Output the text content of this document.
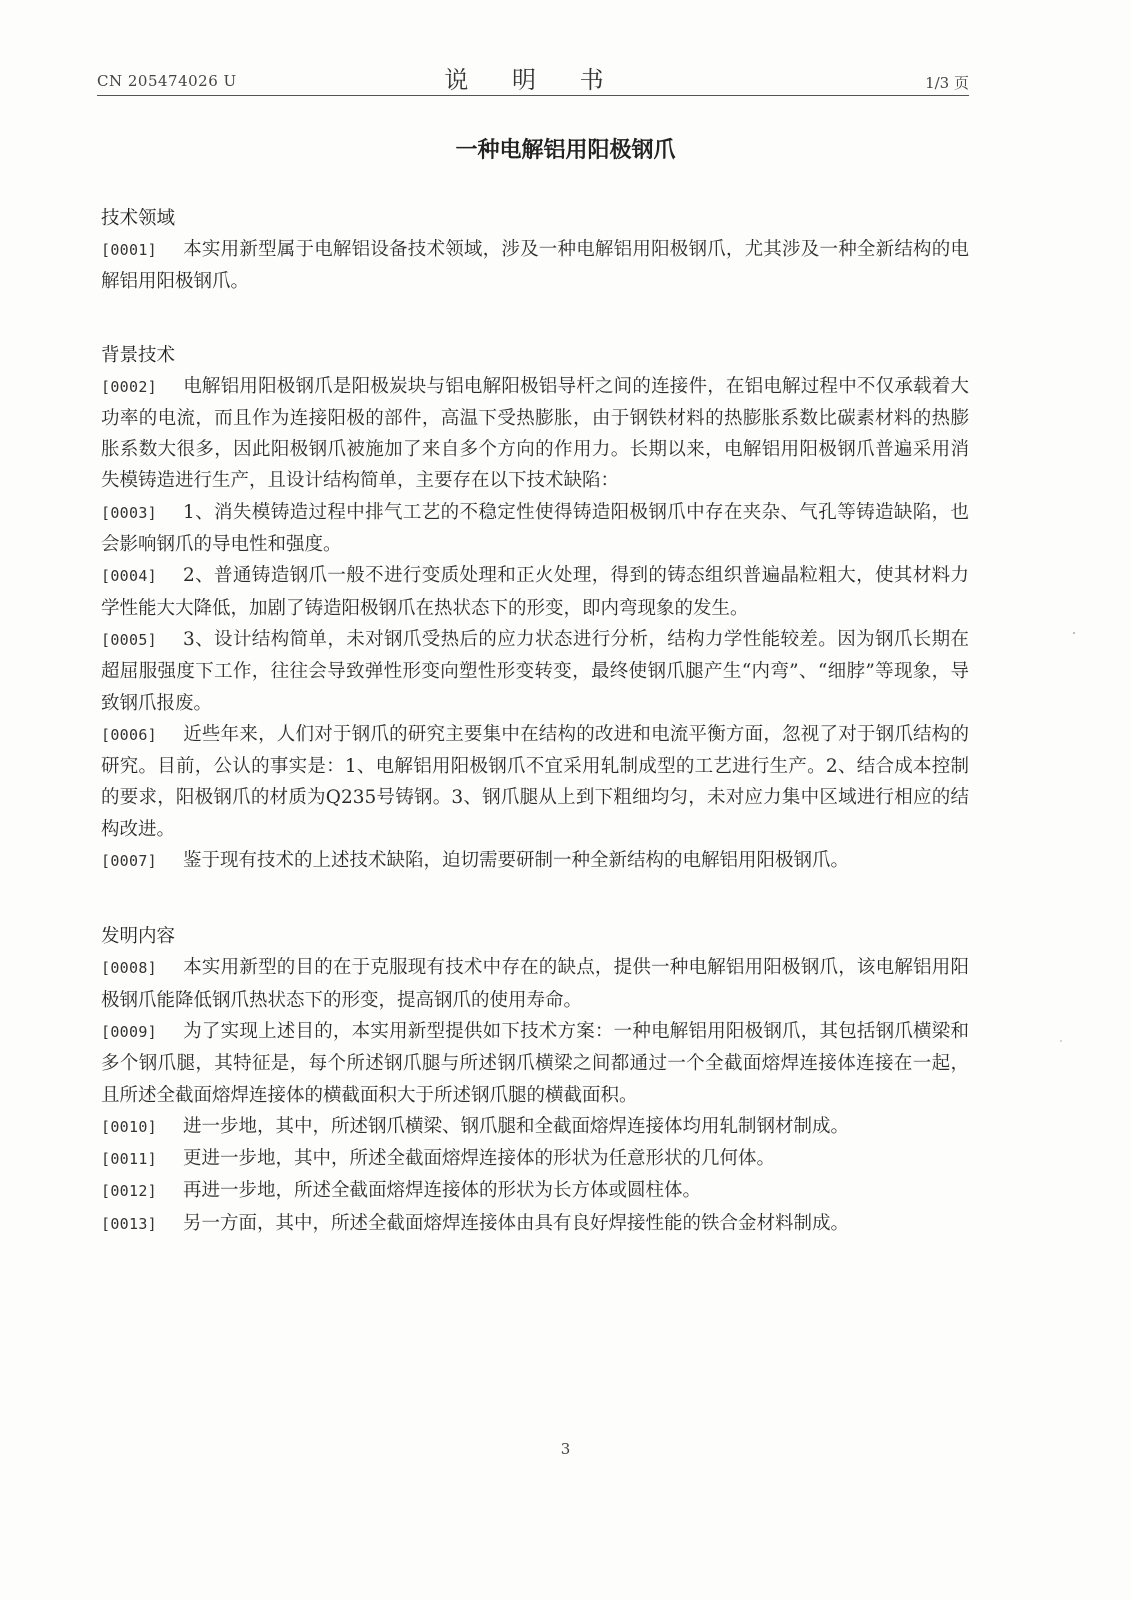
CN 205474026 U	说 明 书	1/3 页
一种电解铝用阳极钢爪
技术领域

[0001] 本实用新型属于电解铝设备技术领域，涉及一种电解铝用阳极钢爪，尤其涉及一种全新结构的电解铝用阳极钢爪。

背景技术

[0002] 电解铝用阳极钢爪是阳极炭块与铝电解阳极铝导杆之间的连接件，在铝电解过程中不仅承载着大功率的电流，而且作为连接阳极的部件，高温下受热膨胀，由于钢铁材料的热膨胀系数比碳素材料的热膨胀系数大很多，因此阳极钢爪被施加了来自多个方向的作用力。长期以来，电解铝用阳极钢爪普遍采用消失模铸造进行生产，且设计结构简单，主要存在以下技术缺陷：

[0003] 1、消失模铸造过程中排气工艺的不稳定性使得铸造阳极钢爪中存在夹杂、气孔等铸造缺陷，也会影响钢爪的导电性和强度。

[0004] 2、普通铸造钢爪一般不进行变质处理和正火处理，得到的铸态组织普遍晶粒粗大，使其材料力学性能大大降低，加剧了铸造阳极钢爪在热状态下的形变，即内弯现象的发生。

[0005] 3、设计结构简单，未对钢爪受热后的应力状态进行分析，结构力学性能较差。因为钢爪长期在超屈服强度下工作，往往会导致弹性形变向塑性形变转变，最终使钢爪腿产生“内弯”、“细脖”等现象，导致钢爪报废。

[0006] 近些年来，人们对于钢爪的研究主要集中在结构的改进和电流平衡方面，忽视了对于钢爪结构的研究。目前，公认的事实是：1、电解铝用阳极钢爪不宜采用轧制成型的工艺进行生产。2、结合成本控制的要求，阳极钢爪的材质为Q235号铸钢。3、钢爪腿从上到下粗细均匀，未对应力集中区域进行相应的结构改进。

[0007] 鉴于现有技术的上述技术缺陷，迫切需要研制一种全新结构的电解铝用阳极钢爪。

发明内容

[0008] 本实用新型的目的在于克服现有技术中存在的缺点，提供一种电解铝用阳极钢爪，该电解铝用阳极钢爪能降低钢爪热状态下的形变，提高钢爪的使用寿命。

[0009] 为了实现上述目的，本实用新型提供如下技术方案：一种电解铝用阳极钢爪，其包括钢爪横梁和多个钢爪腿，其特征是，每个所述钢爪腿与所述钢爪横梁之间都通过一个全截面熔焊连接体连接在一起，且所述全截面熔焊连接体的横截面积大于所述钢爪腿的横截面积。

[0010] 进一步地，其中，所述钢爪横梁、钢爪腿和全截面熔焊连接体均用轧制钢材制成。

[0011] 更进一步地，其中，所述全截面熔焊连接体的形状为任意形状的几何体。

[0012] 再进一步地，所述全截面熔焊连接体的形状为长方体或圆柱体。

[0013] 另一方面，其中，所述全截面熔焊连接体由具有良好焊接性能的铁合金材料制成。

3
